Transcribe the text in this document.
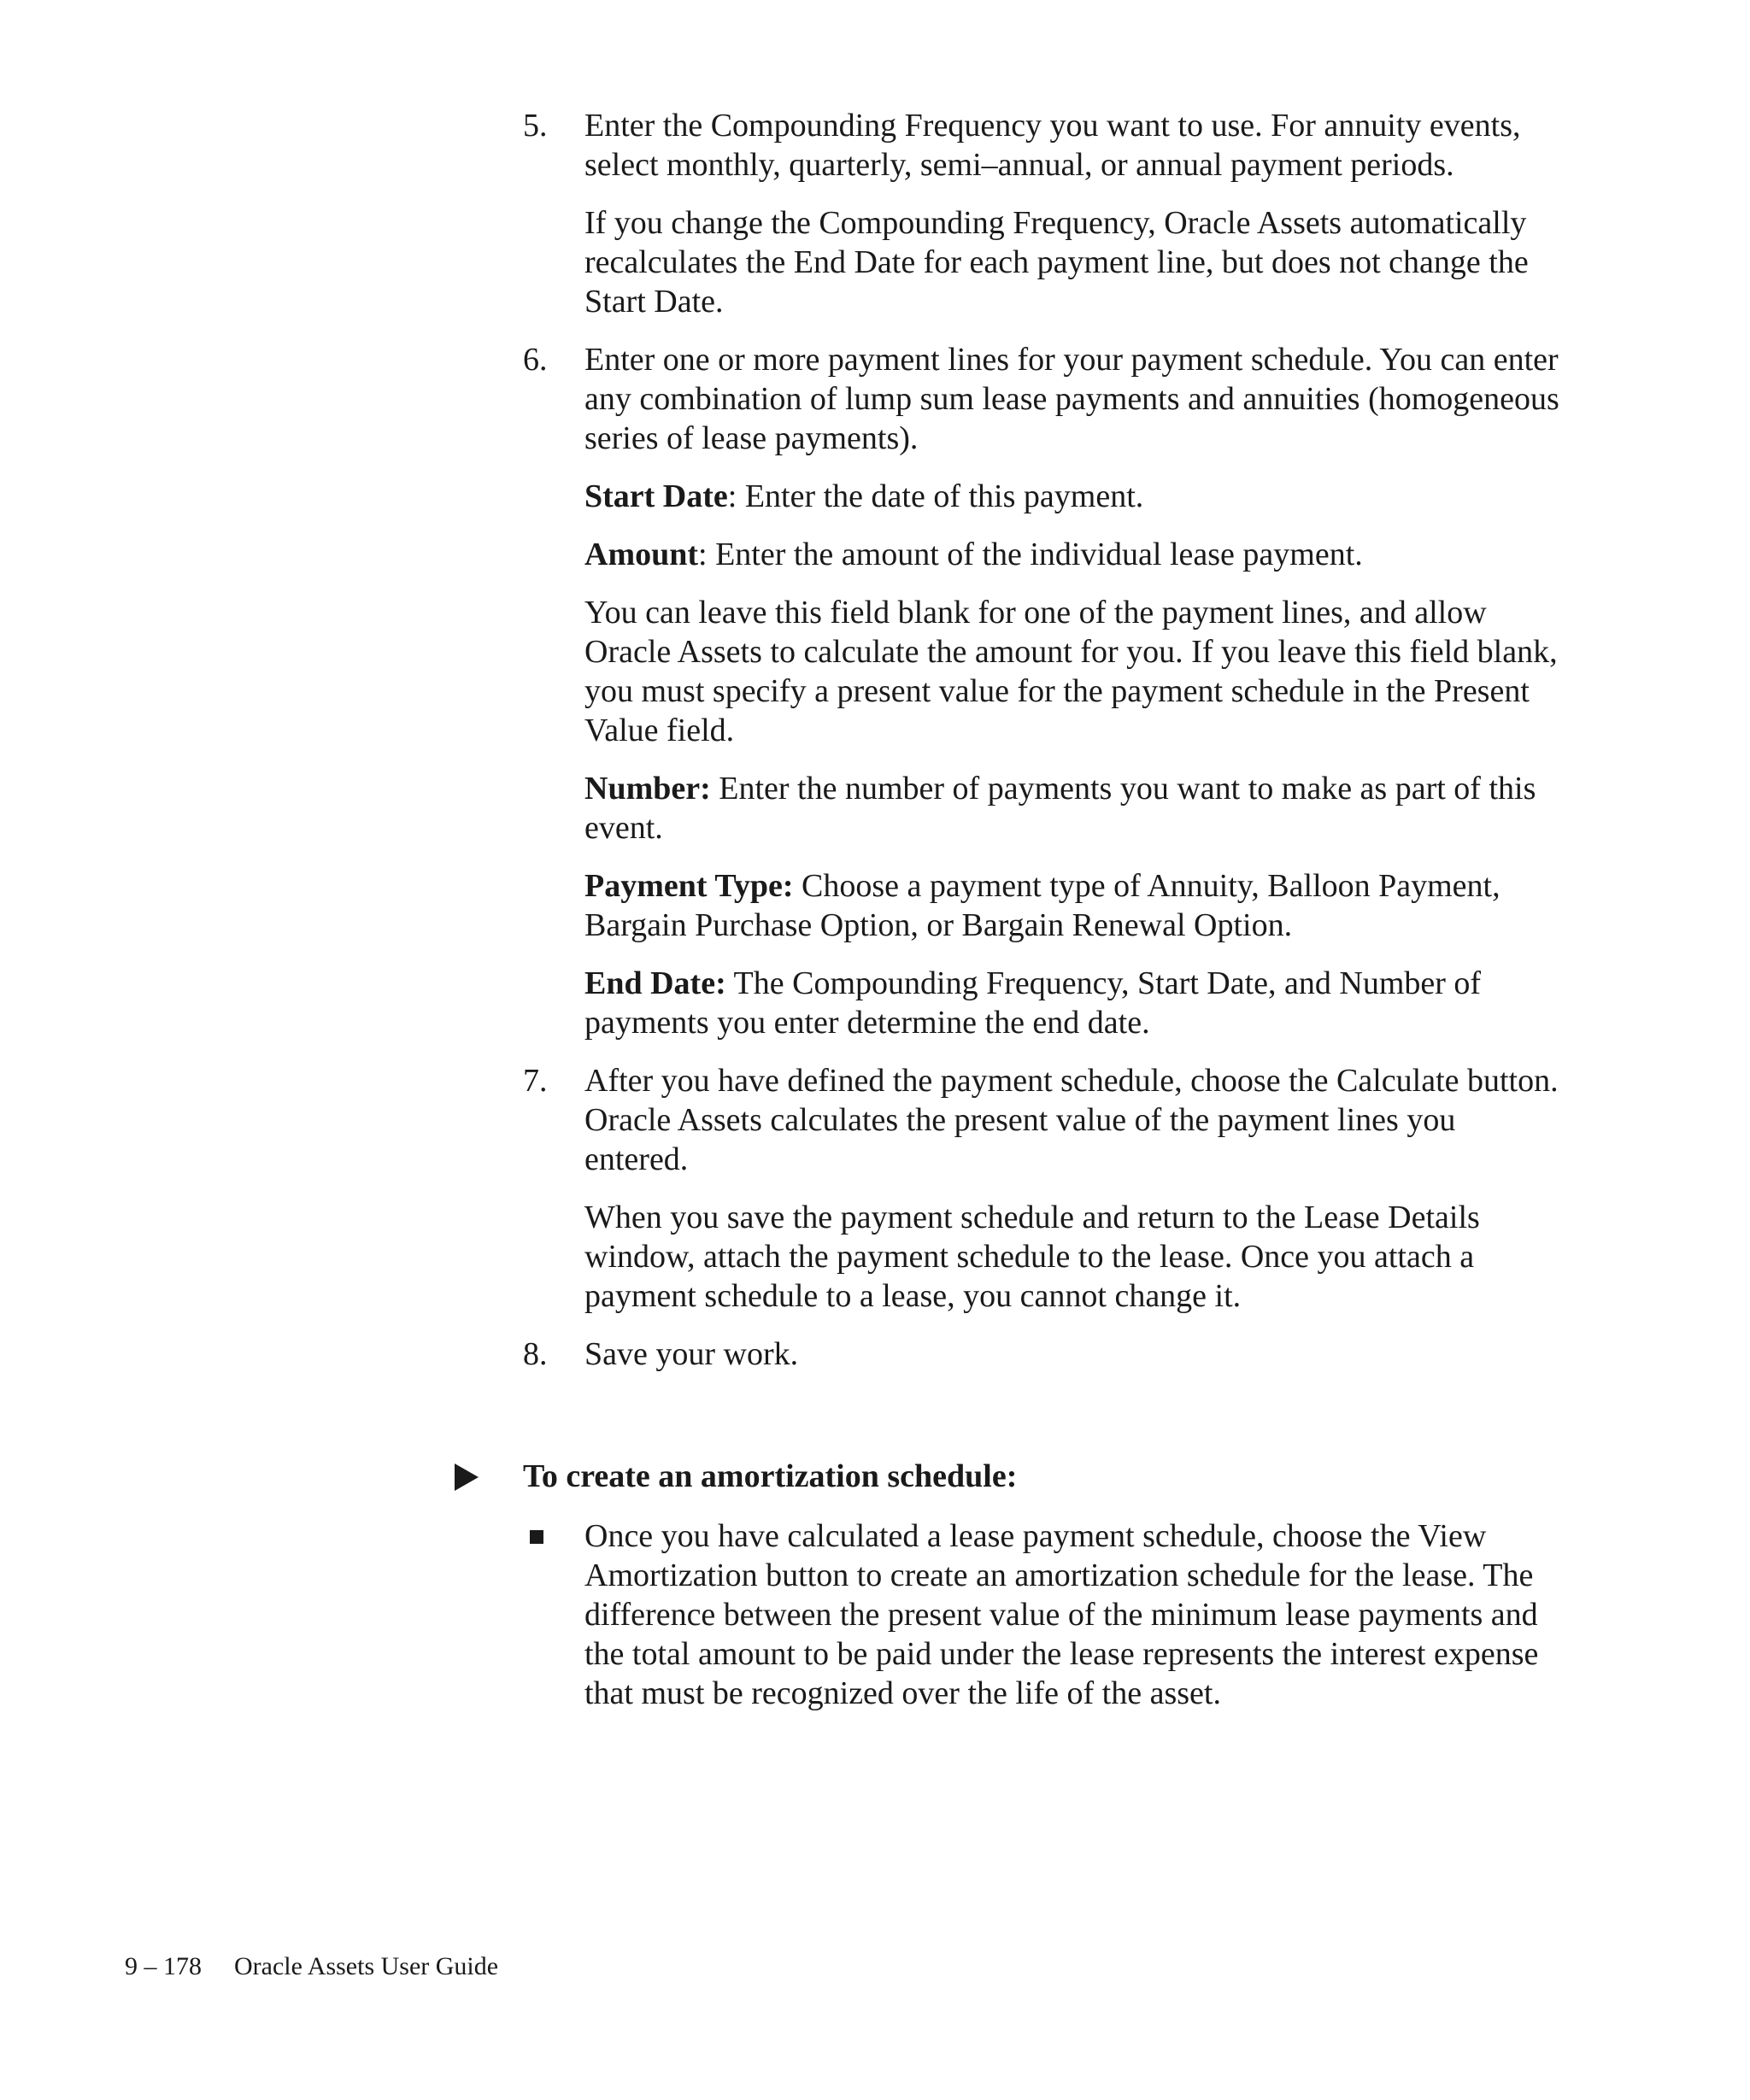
5. Enter the Compounding Frequency you want to use. For annuity events, select monthly, quarterly, semi–annual, or annual payment periods.

If you change the Compounding Frequency, Oracle Assets automatically recalculates the End Date for each payment line, but does not change the Start Date.

6. Enter one or more payment lines for your payment schedule. You can enter any combination of lump sum lease payments and annuities (homogeneous series of lease payments).

Start Date: Enter the date of this payment.

Amount: Enter the amount of the individual lease payment.

You can leave this field blank for one of the payment lines, and allow Oracle Assets to calculate the amount for you. If you leave this field blank, you must specify a present value for the payment schedule in the Present Value field.

Number: Enter the number of payments you want to make as part of this event.

Payment Type: Choose a payment type of Annuity, Balloon Payment, Bargain Purchase Option, or Bargain Renewal Option.

End Date: The Compounding Frequency, Start Date, and Number of payments you enter determine the end date.

7. After you have defined the payment schedule, choose the Calculate button. Oracle Assets calculates the present value of the payment lines you entered.

When you save the payment schedule and return to the Lease Details window, attach the payment schedule to the lease. Once you attach a payment schedule to a lease, you cannot change it.

8. Save your work.

To create an amortization schedule:

Once you have calculated a lease payment schedule, choose the View Amortization button to create an amortization schedule for the lease. The difference between the present value of the minimum lease payments and the total amount to be paid under the lease represents the interest expense that must be recognized over the life of the asset.

9 – 178 Oracle Assets User Guide
